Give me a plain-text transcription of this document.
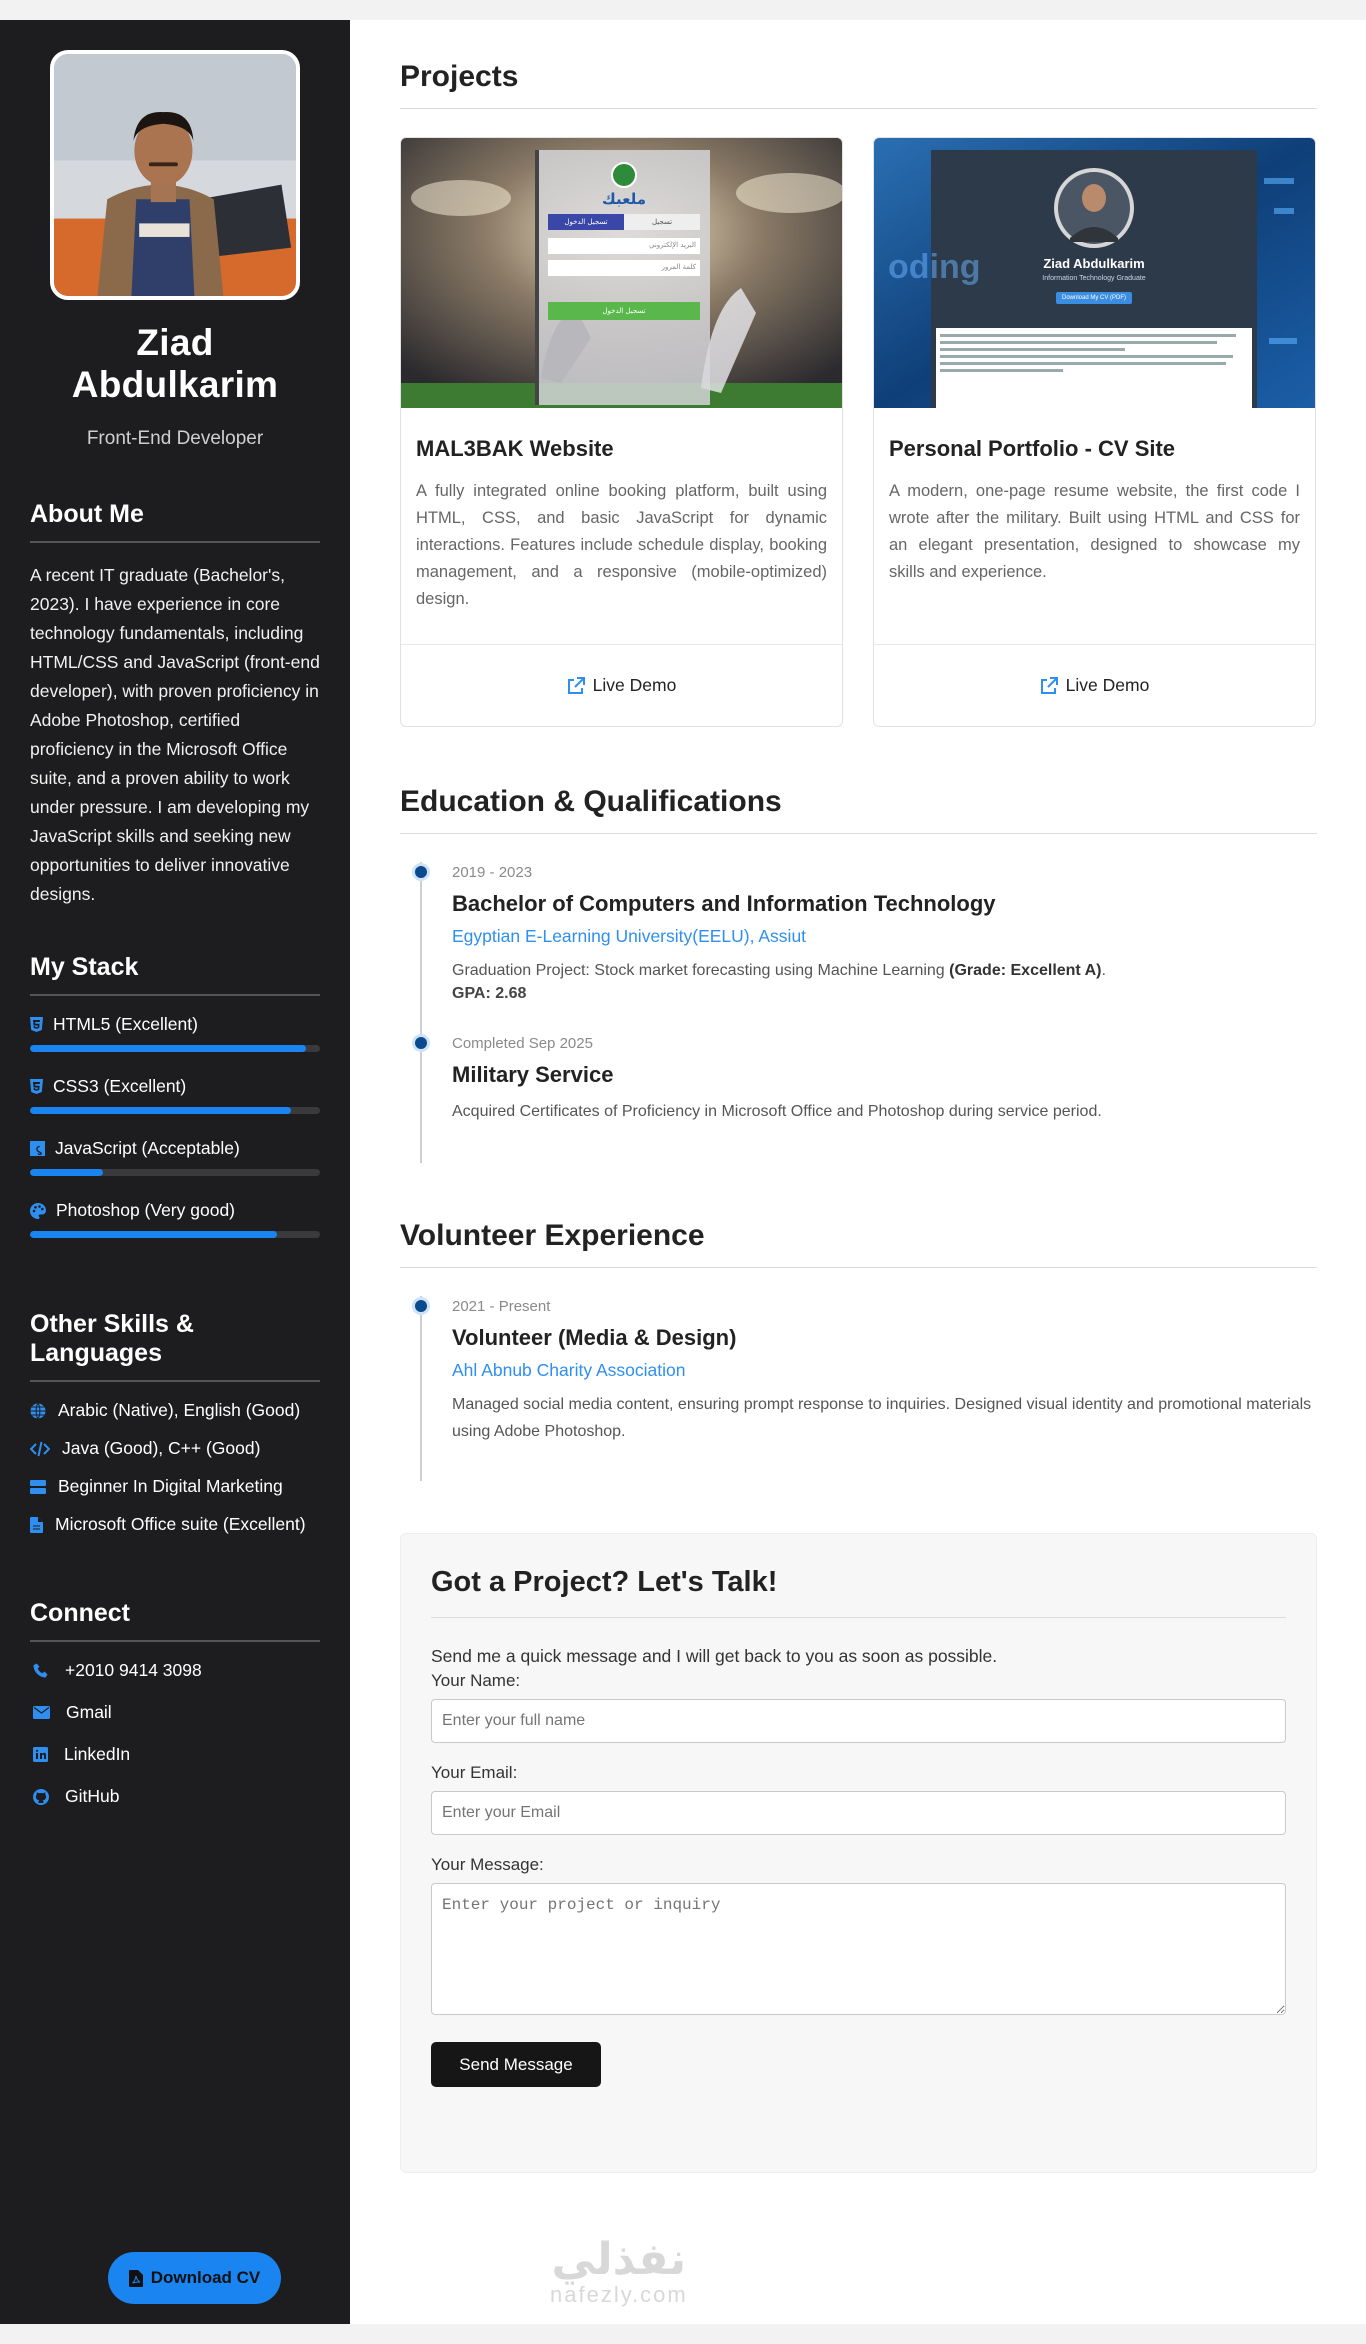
Ziad Abdulkarim
Front-End Developer
About Me

A recent IT graduate (Bachelor's, 2023). I have experience in core technology fundamentals, including HTML/CSS and JavaScript (front-end developer), with proven proficiency in Adobe Photoshop, certified proficiency in the Microsoft Office suite, and a proven ability to work under pressure. I am developing my JavaScript skills and seeking new opportunities to deliver innovative designs.

My Stack
HTML5 (Excellent)
CSS3 (Excellent)
JavaScript (Acceptable)
Photoshop (Very good)
Other Skills & Languages
Arabic (Native), English (Good)
Java (Good), C++ (Good)
Beginner In Digital Marketing
Microsoft Office suite (Excellent)
Connect
+2010 9414 3098
Gmail
LinkedIn
GitHub
Download CV
Projects
ملعبك
تسجيل الدخول	تسجيل
البريد الإلكتروني
كلمة المرور
تسجيل الدخول
MAL3BAK Website

A fully integrated online booking platform, built using HTML, CSS, and basic JavaScript for dynamic interactions. Features include schedule display, booking management, and a responsive (mobile-optimized) design.

Live Demo
oding	Ziad Abdulkarim
Information Technology Graduate
Download My CV (PDF)
Personal Portfolio - CV Site

A modern, one-page resume website, the first code I wrote after the military. Built using HTML and CSS for an elegant presentation, designed to showcase my skills and experience.

Live Demo
Education & Qualifications
2019 - 2023
Bachelor of Computers and Information Technology
Egyptian E-Learning University(EELU), Assiut
Graduation Project: Stock market forecasting using Machine Learning (Grade: Excellent A).
GPA: 2.68
Completed Sep 2025
Military Service
Acquired Certificates of Proficiency in Microsoft Office and Photoshop during service period.
Volunteer Experience
2021 - Present
Volunteer (Media & Design)
Ahl Abnub Charity Association
Managed social media content, ensuring prompt response to inquiries. Designed visual identity and promotional materials using Adobe Photoshop.
Got a Project? Let's Talk!

Send me a quick message and I will get back to you as soon as possible.

Your Name:
Enter your full name
Your Email:
Enter your Email
Your Message:
Enter your project or inquiry
Send Message
نفذلي
nafezly.com
